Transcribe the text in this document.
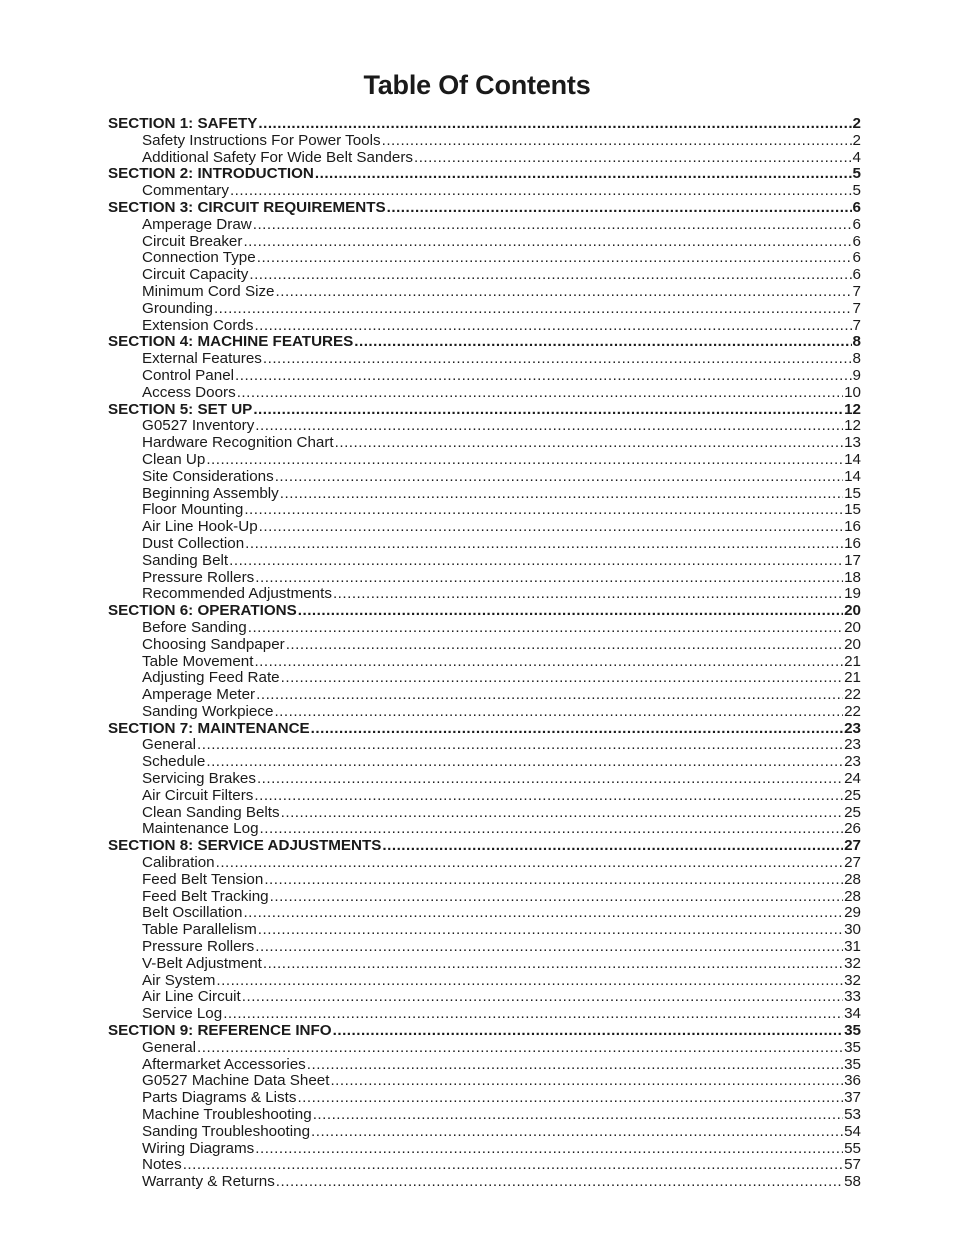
Table Of Contents
SECTION 1: SAFETY .....	2
Safety Instructions For Power Tools .....	2
Additional Safety For Wide Belt Sanders .....	4
SECTION 2: INTRODUCTION .....	5
Commentary .....	5
SECTION 3: CIRCUIT REQUIREMENTS .....	6
Amperage Draw .....	6
Circuit Breaker .....	6
Connection Type .....	6
Circuit Capacity .....	6
Minimum Cord Size .....	7
Grounding .....	7
Extension Cords .....	7
SECTION 4: MACHINE FEATURES .....	8
External Features .....	8
Control Panel .....	9
Access Doors .....	10
SECTION 5: SET UP .....	12
G0527 Inventory .....	12
Hardware Recognition Chart .....	13
Clean Up .....	14
Site Considerations .....	14
Beginning Assembly .....	15
Floor Mounting .....	15
Air Line Hook-Up .....	16
Dust Collection .....	16
Sanding Belt .....	17
Pressure Rollers .....	18
Recommended Adjustments .....	19
SECTION 6: OPERATIONS .....	20
Before Sanding .....	20
Choosing Sandpaper .....	20
Table Movement .....	21
Adjusting Feed Rate .....	21
Amperage Meter .....	22
Sanding Workpiece .....	22
SECTION 7: MAINTENANCE .....	23
General .....	23
Schedule .....	23
Servicing Brakes .....	24
Air Circuit Filters .....	25
Clean Sanding Belts .....	25
Maintenance Log .....	26
SECTION 8: SERVICE ADJUSTMENTS .....	27
Calibration .....	27
Feed Belt Tension .....	28
Feed Belt Tracking .....	28
Belt Oscillation .....	29
Table Parallelism .....	30
Pressure Rollers .....	31
V-Belt Adjustment .....	32
Air System .....	32
Air Line Circuit .....	33
Service Log .....	34
SECTION 9: REFERENCE INFO .....	35
General .....	35
Aftermarket Accessories .....	35
G0527 Machine Data Sheet .....	36
Parts Diagrams & Lists .....	37
Machine Troubleshooting .....	53
Sanding Troubleshooting .....	54
Wiring Diagrams .....	55
Notes .....	57
Warranty & Returns .....	58
